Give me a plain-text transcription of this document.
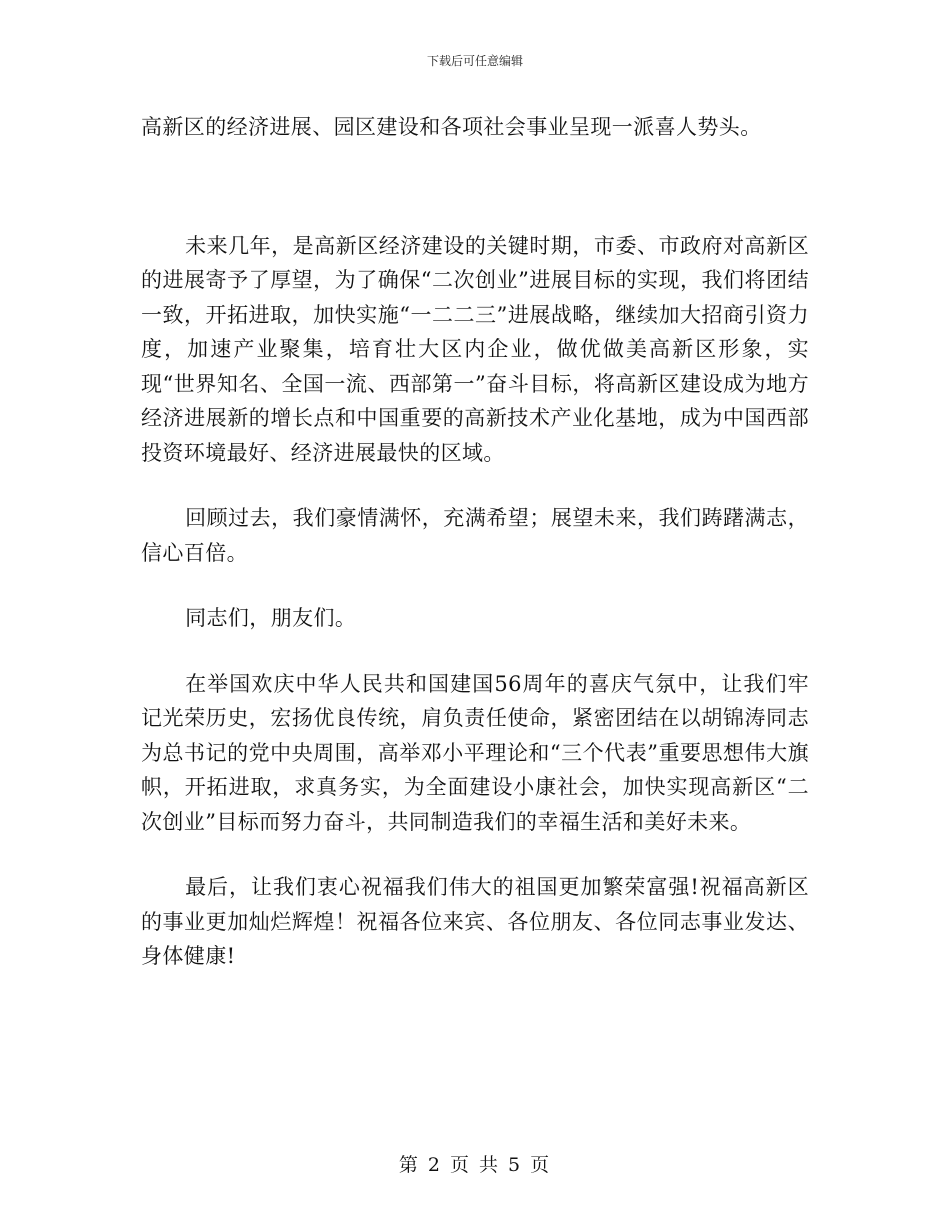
下载后可任意编辑

高新区的经济进展、园区建设和各项社会事业呈现一派喜人势头。

未来几年，是高新区经济建设的关键时期，市委、市政府对高新区的进展寄予了厚望，为了确保“二次创业”进展目标的实现，我们将团结一致，开拓进取，加快实施“一二二三”进展战略，继续加大招商引资力度，加速产业聚集，培育壮大区内企业，做优做美高新区形象，实现“世界知名、全国一流、西部第一”奋斗目标，将高新区建设成为地方经济进展新的增长点和中国重要的高新技术产业化基地，成为中国西部投资环境最好、经济进展最快的区域。

回顾过去，我们豪情满怀，充满希望；展望未来，我们踌躇满志，信心百倍。

同志们，朋友们。

在举国欢庆中华人民共和国建国56周年的喜庆气氛中，让我们牢记光荣历史，宏扬优良传统，肩负责任使命，紧密团结在以胡锦涛同志为总书记的党中央周围，高举邓小平理论和“三个代表”重要思想伟大旗帜，开拓进取，求真务实，为全面建设小康社会，加快实现高新区“二次创业”目标而努力奋斗，共同制造我们的幸福生活和美好未来。

最后，让我们衷心祝福我们伟大的祖国更加繁荣富强!祝福高新区的事业更加灿烂辉煌！祝福各位来宾、各位朋友、各位同志事业发达、身体健康!

第 2 页 共 5 页
